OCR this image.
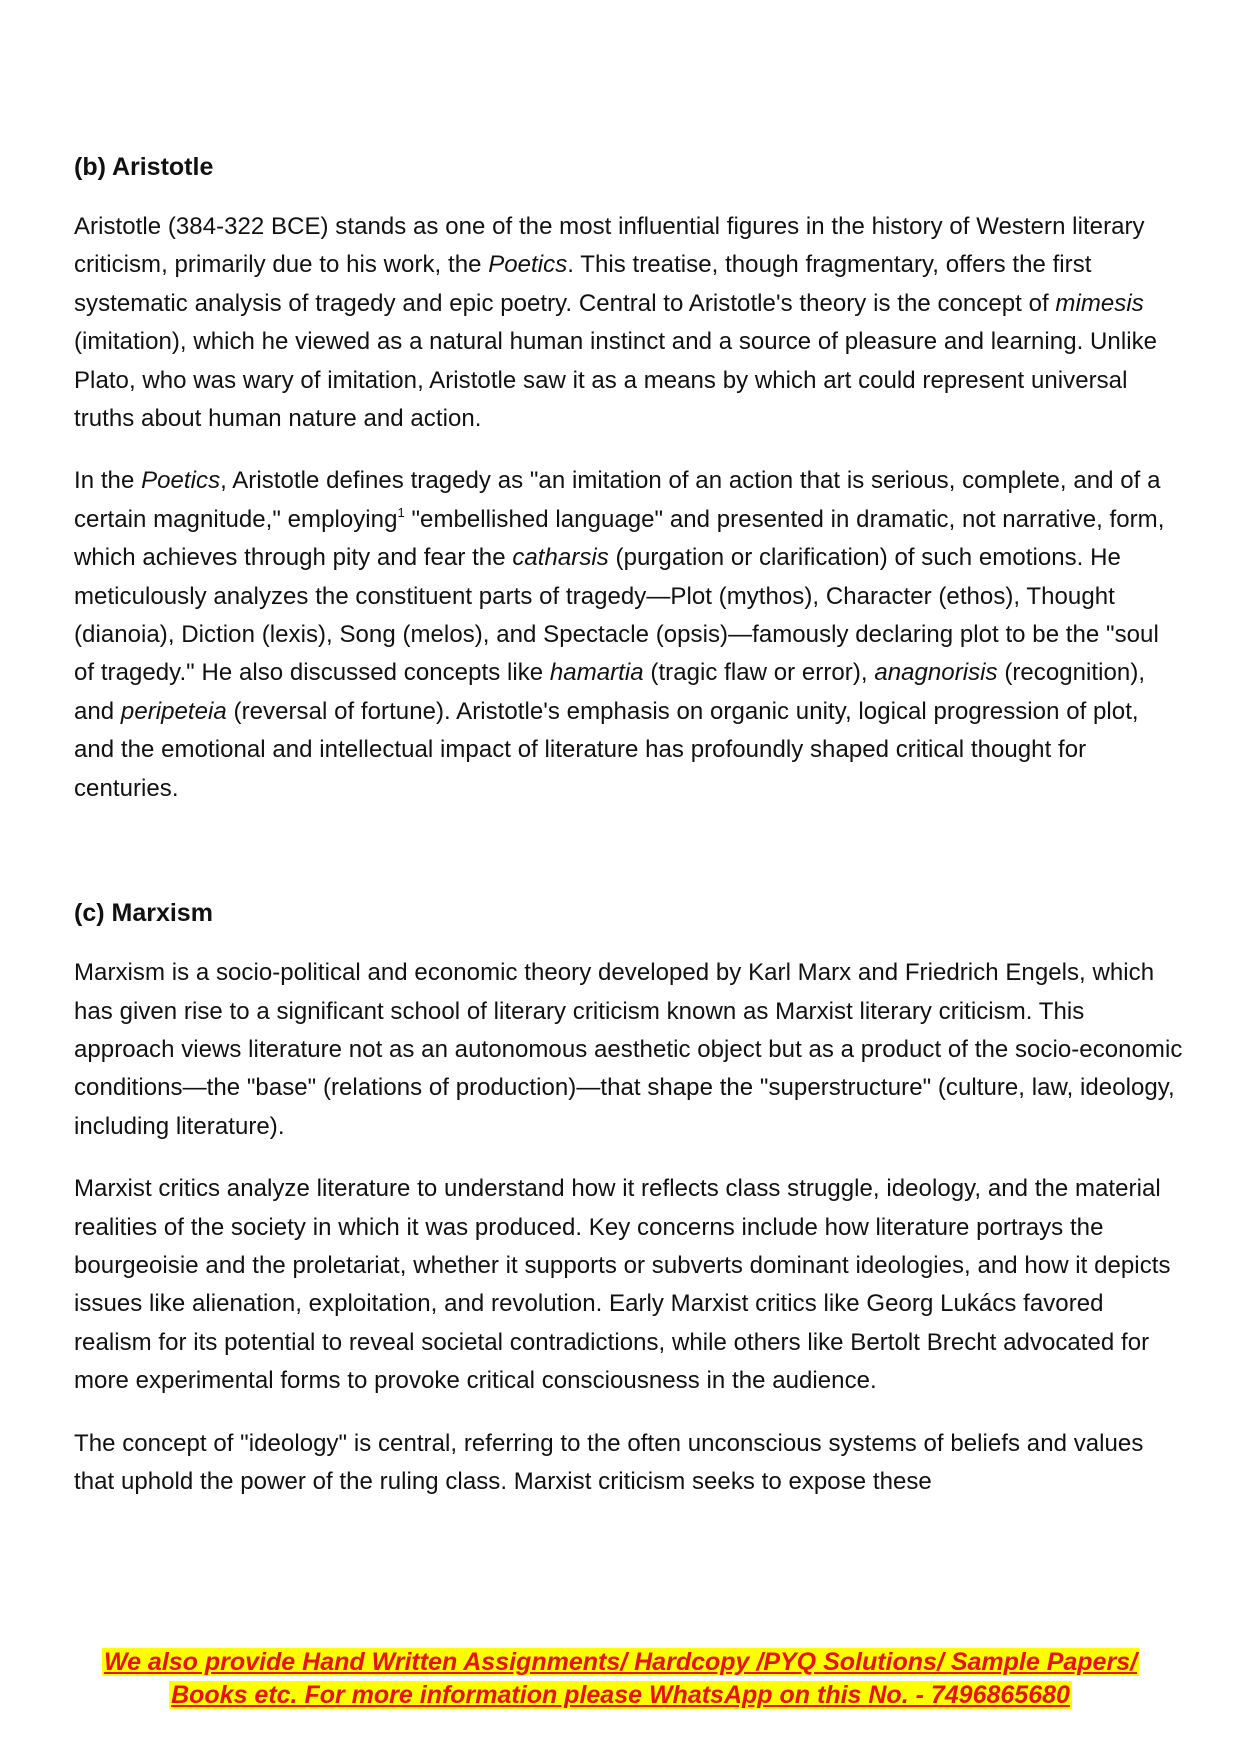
(b) Aristotle

Aristotle (384-322 BCE) stands as one of the most influential figures in the history of Western literary criticism, primarily due to his work, the Poetics. This treatise, though fragmentary, offers the first systematic analysis of tragedy and epic poetry. Central to Aristotle's theory is the concept of mimesis (imitation), which he viewed as a natural human instinct and a source of pleasure and learning. Unlike Plato, who was wary of imitation, Aristotle saw it as a means by which art could represent universal truths about human nature and action.

In the Poetics, Aristotle defines tragedy as "an imitation of an action that is serious, complete, and of a certain magnitude," employing$^1$ "embellished language" and presented in dramatic, not narrative, form, which achieves through pity and fear the catharsis (purgation or clarification) of such emotions. He meticulously analyzes the constituent parts of tragedy—Plot (mythos), Character (ethos), Thought (dianoia), Diction (lexis), Song (melos), and Spectacle (opsis)—famously declaring plot to be the "soul of tragedy." He also discussed concepts like hamartia (tragic flaw or error), anagnorisis (recognition), and peripeteia (reversal of fortune). Aristotle's emphasis on organic unity, logical progression of plot, and the emotional and intellectual impact of literature has profoundly shaped critical thought for centuries.

(c) Marxism

Marxism is a socio-political and economic theory developed by Karl Marx and Friedrich Engels, which has given rise to a significant school of literary criticism known as Marxist literary criticism. This approach views literature not as an autonomous aesthetic object but as a product of the socio-economic conditions—the "base" (relations of production)—that shape the "superstructure" (culture, law, ideology, including literature).

Marxist critics analyze literature to understand how it reflects class struggle, ideology, and the material realities of the society in which it was produced. Key concerns include how literature portrays the bourgeoisie and the proletariat, whether it supports or subverts dominant ideologies, and how it depicts issues like alienation, exploitation, and revolution. Early Marxist critics like Georg Lukács favored realism for its potential to reveal societal contradictions, while others like Bertolt Brecht advocated for more experimental forms to provoke critical consciousness in the audience.

The concept of "ideology" is central, referring to the often unconscious systems of beliefs and values that uphold the power of the ruling class. Marxist criticism seeks to expose these

We also provide Hand Written Assignments/ Hardcopy /PYQ Solutions/ Sample Papers/
Books etc. For more information please WhatsApp on this No. - 7496865680
